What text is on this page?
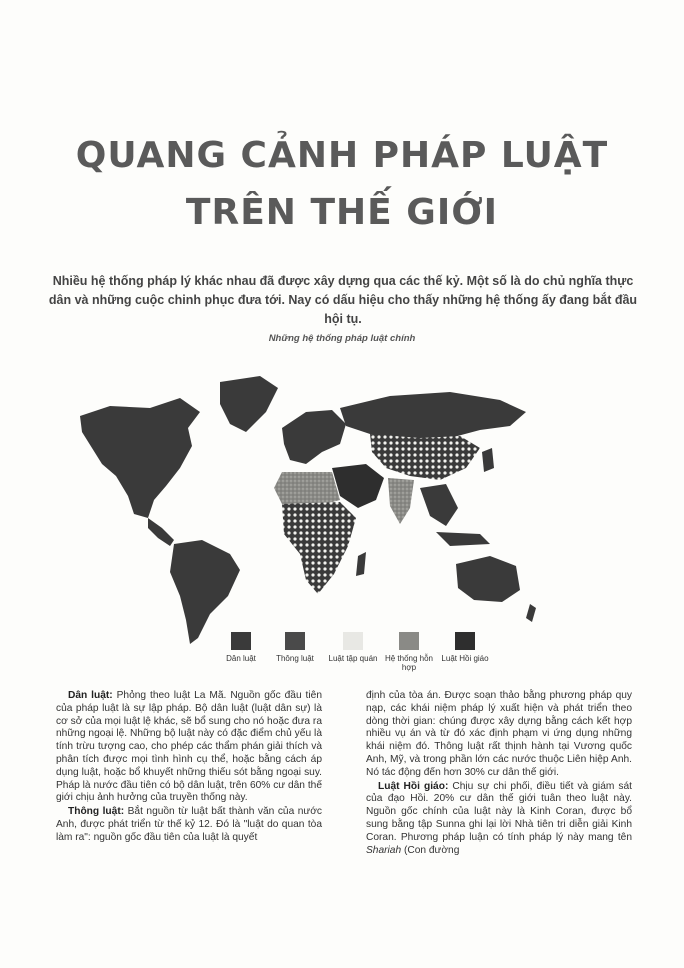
QUANG CẢNH PHÁP LUẬT
TRÊN THẾ GIỚI
Nhiều hệ thống pháp lý khác nhau đã được xây dựng qua các thế kỷ. Một số là do chủ nghĩa thực dân và những cuộc chinh phục đưa tới. Nay có dấu hiệu cho thấy những hệ thống ấy đang bắt đầu hội tụ.
Những hệ thống pháp luật chính
Dân luật	Thông luật	Luật tập quán Hệ thống hỗn hợp
Luật Hồi giáo

Dân luật: Phỏng theo luật La Mã. Nguồn gốc đầu tiên của pháp luật là sự lập pháp. Bộ dân luật (luật dân sự) là cơ sở của mọi luật lệ khác, sẽ bổ sung cho nó hoặc đưa ra những ngoại lệ. Những bộ luật này có đặc điểm chủ yếu là tính trừu tượng cao, cho phép các thẩm phán giải thích và phân tích được mọi tình hình cụ thể, hoặc bằng cách áp dụng luật, hoặc bổ khuyết những thiếu sót bằng ngoại suy. Pháp là nước đầu tiên có bộ dân luật, trên 60% cư dân thế giới chịu ảnh hưởng của truyền thống này.

Thông luật: Bắt nguồn từ luật bất thành văn của nước Anh, được phát triển từ thế kỷ 12. Đó là "luật do quan tòa làm ra": nguồn gốc đầu tiên của luật là quyết

định của tòa án. Được soạn thảo bằng phương pháp quy nạp, các khái niệm pháp lý xuất hiện và phát triển theo dòng thời gian: chúng được xây dựng bằng cách kết hợp nhiều vụ án và từ đó xác định phạm vi ứng dụng những khái niệm đó. Thông luật rất thịnh hành tại Vương quốc Anh, Mỹ, và trong phần lớn các nước thuộc Liên hiệp Anh. Nó tác động đến hơn 30% cư dân thế giới.

Luật Hồi giáo: Chịu sự chi phối, điều tiết và giám sát của đạo Hồi. 20% cư dân thế giới tuân theo luật này. Nguồn gốc chính của luật này là Kinh Coran, được bổ sung bằng tập Sunna ghi lại lời Nhà tiên tri diễn giải Kinh Coran. Phương pháp luận có tính pháp lý này mang tên Shariah (Con đường
